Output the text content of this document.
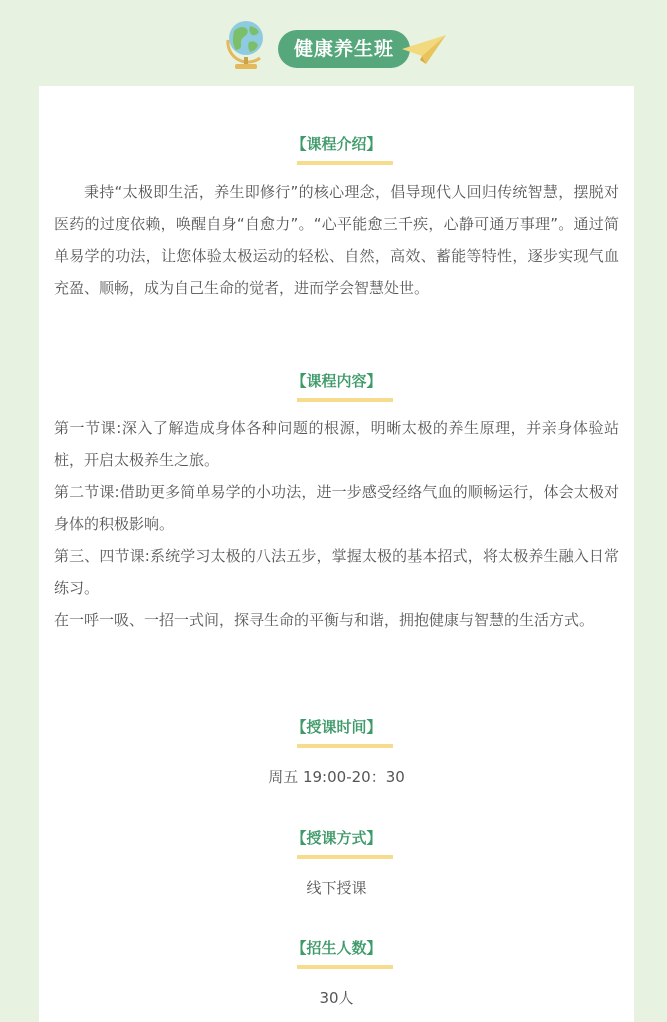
健康养生班
【课程介绍】
秉持“太极即生活，养生即修行”的核心理念，倡导现代人回归传统智慧，摆脱对医药的过度依赖，唤醒自身“自愈力”。“心平能愈三千疾，心静可通万事理”。通过简单易学的功法，让您体验太极运动的轻松、自然，高效、蓄能等特性，逐步实现气血充盈、顺畅，成为自己生命的觉者，进而学会智慧处世。
【课程内容】

第一节课:深入了解造成身体各种问题的根源，明晰太极的养生原理，并亲身体验站桩，开启太极养生之旅。

第二节课:借助更多简单易学的小功法，进一步感受经络气血的顺畅运行，体会太极对身体的积极影响。

第三、四节课:系统学习太极的八法五步，掌握太极的基本招式，将太极养生融入日常练习。

在一呼一吸、一招一式间，探寻生命的平衡与和谐，拥抱健康与智慧的生活方式。

【授课时间】
周五 19:00-20：30
【授课方式】
线下授课
【招生人数】
30人
